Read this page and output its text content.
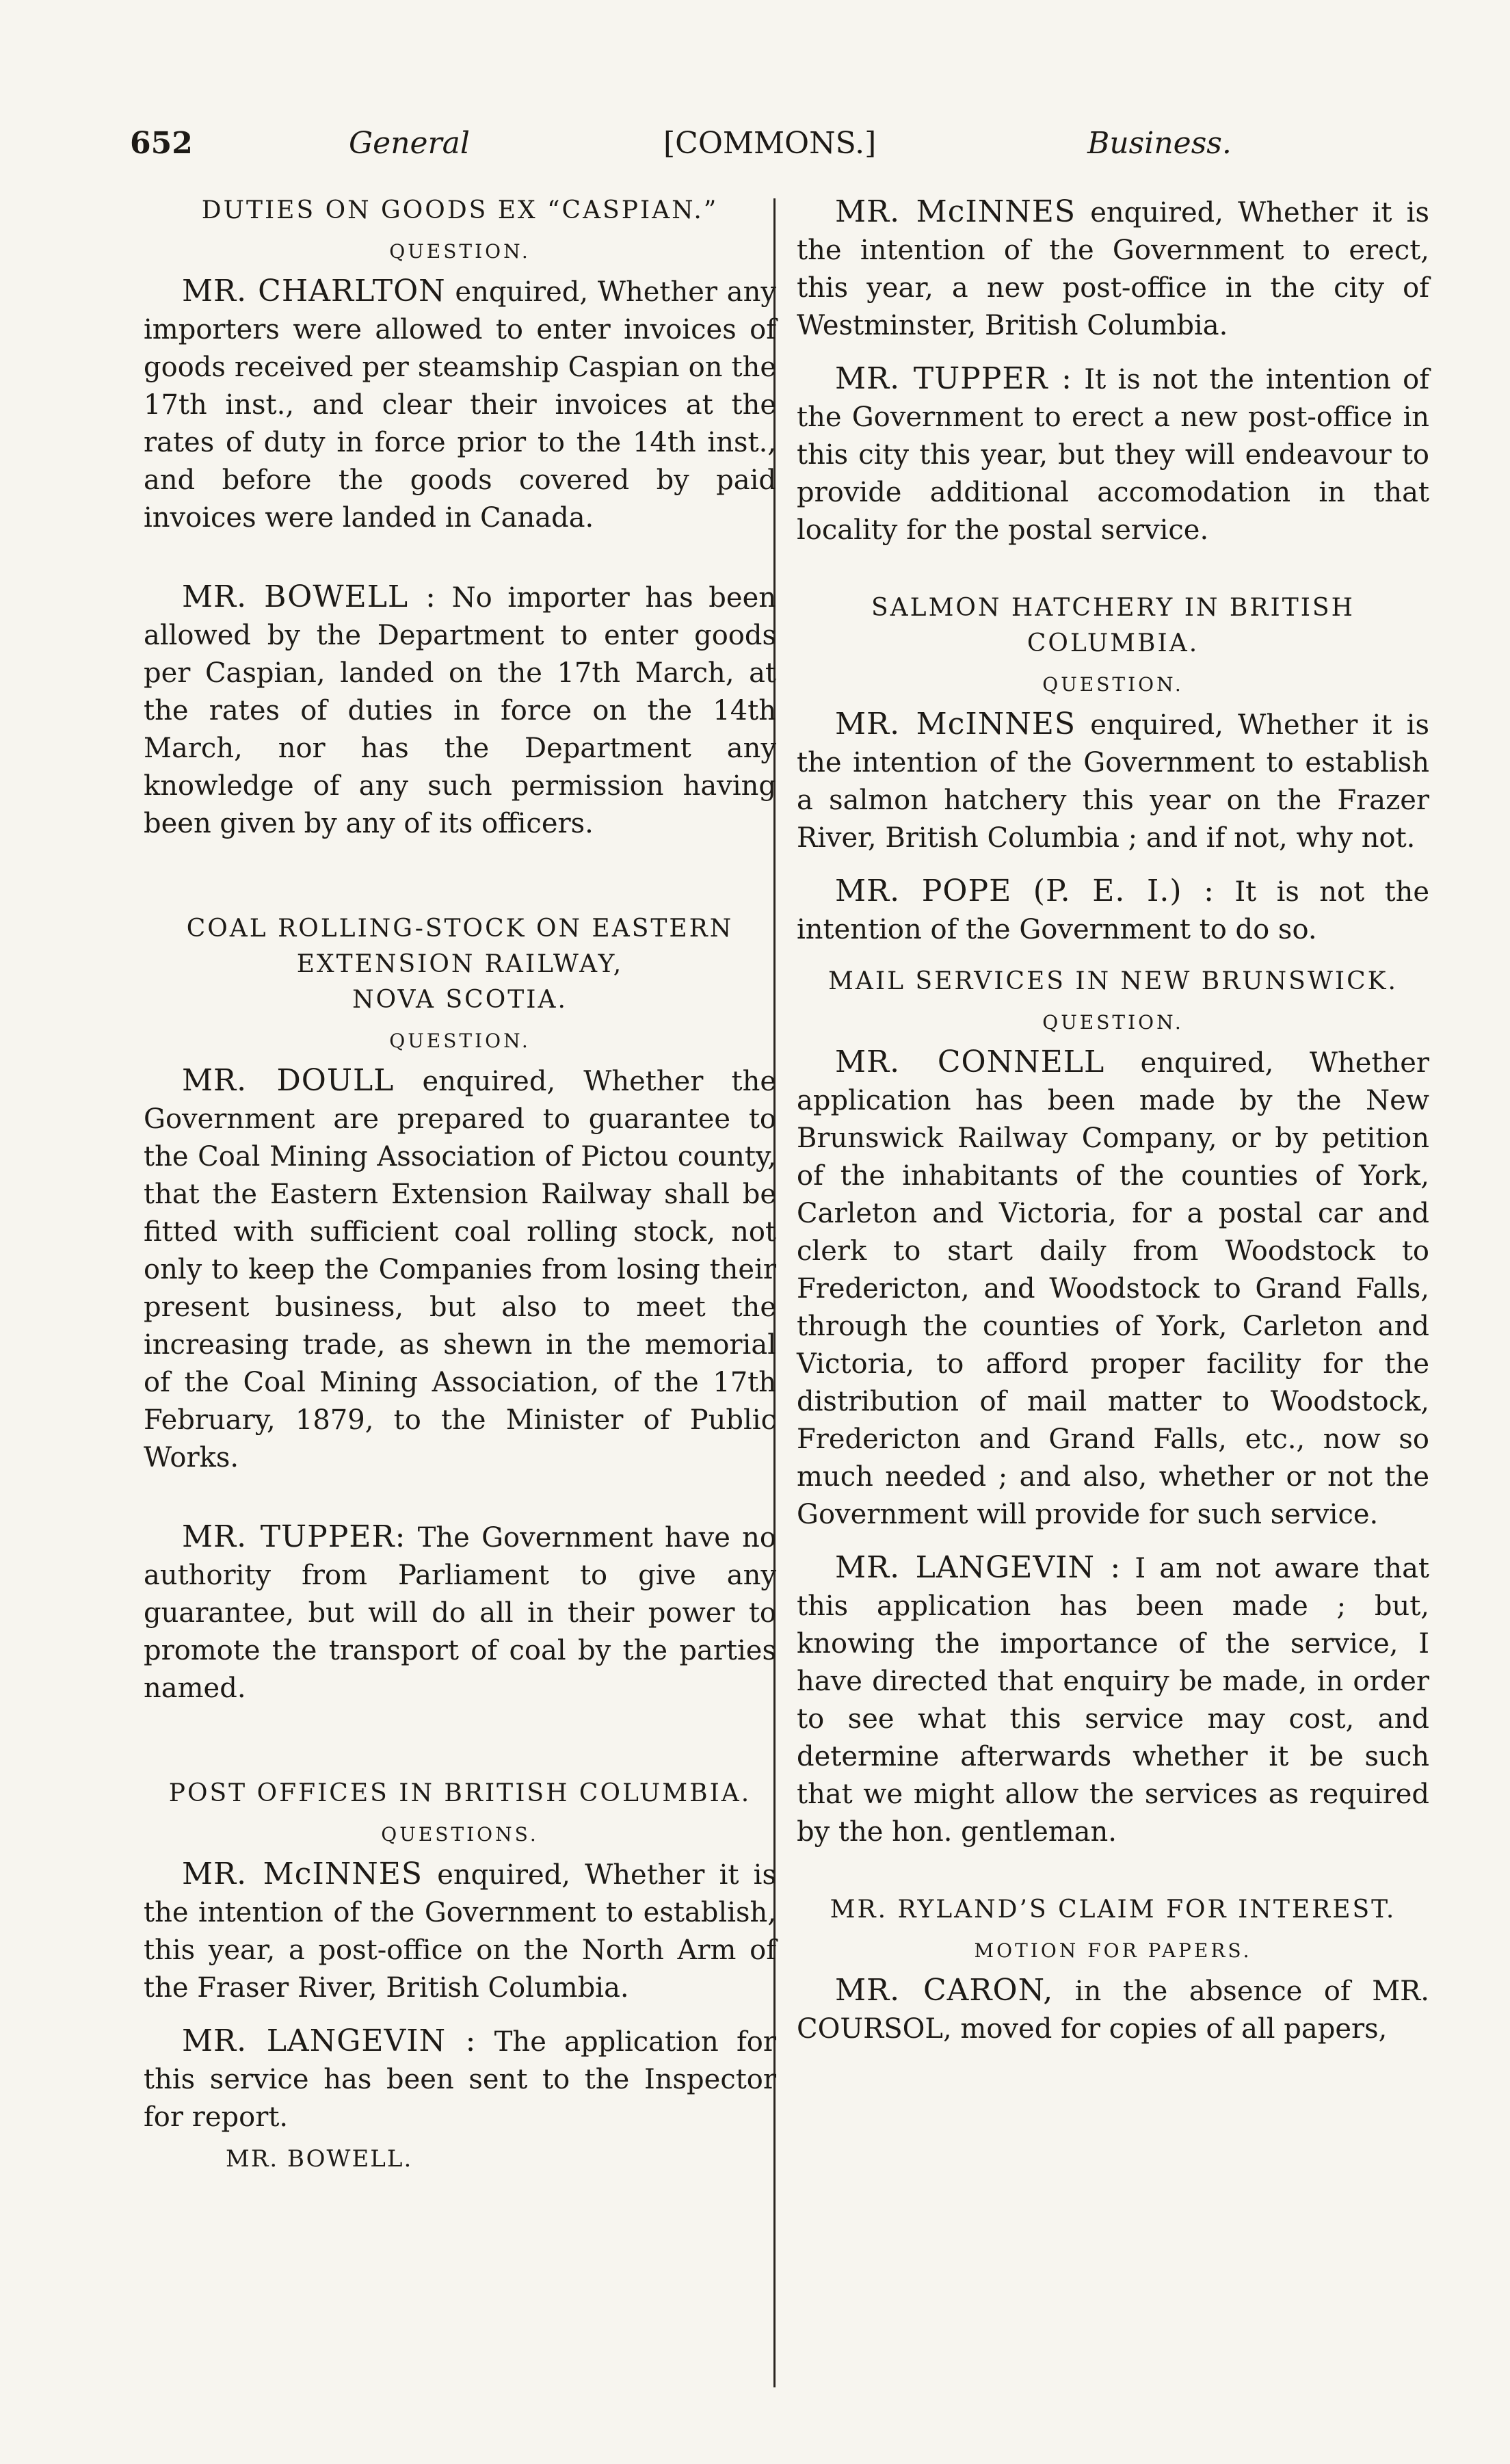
652	General	[COMMONS.]	Business.

DUTIES ON GOODS EX “CASPIAN.”

QUESTION.

MR. CHARLTON enquired, Whether any importers were allowed to enter invoices of goods received per steamship Caspian on the 17th inst., and clear their invoices at the rates of duty in force prior to the 14th inst., and before the goods covered by paid invoices were landed in Canada.

MR. BOWELL : No importer has been allowed by the Department to enter goods per Caspian, landed on the 17th March, at the rates of duties in force on the 14th March, nor has the Department any knowledge of any such permission having been given by any of its officers.

COAL ROLLING-STOCK ON EASTERN

EXTENSION RAILWAY,

NOVA SCOTIA.

QUESTION.

MR. DOULL enquired, Whether the Government are prepared to guarantee to the Coal Mining Association of Pictou county, that the Eastern Extension Railway shall be fitted with sufficient coal rolling stock, not only to keep the Companies from losing their present business, but also to meet the increasing trade, as shewn in the memorial of the Coal Mining Association, of the 17th February, 1879, to the Minister of Public Works.

MR. TUPPER: The Government have no authority from Parliament to give any guarantee, but will do all in their power to promote the transport of coal by the parties named.

POST OFFICES IN BRITISH COLUMBIA.

QUESTIONS.

MR. McINNES enquired, Whether it is the intention of the Government to establish, this year, a post-office on the North Arm of the Fraser River, British Columbia.

MR. LANGEVIN : The application for this service has been sent to the Inspector for report.

MR. BOWELL.

MR. McINNES enquired, Whether it is the intention of the Government to erect, this year, a new post-office in the city of Westminster, British Columbia.

MR. TUPPER : It is not the intention of the Government to erect a new post-office in this city this year, but they will endeavour to provide additional accomodation in that locality for the postal service.

SALMON HATCHERY IN BRITISH

COLUMBIA.

QUESTION.

MR. McINNES enquired, Whether it is the intention of the Government to establish a salmon hatchery this year on the Frazer River, British Columbia ; and if not, why not.

MR. POPE (P. E. I.) : It is not the intention of the Government to do so.

MAIL SERVICES IN NEW BRUNSWICK.

QUESTION.

MR. CONNELL enquired, Whether application has been made by the New Brunswick Railway Company, or by petition of the inhabitants of the counties of York, Carleton and Victoria, for a postal car and clerk to start daily from Woodstock to Fredericton, and Woodstock to Grand Falls, through the counties of York, Carleton and Victoria, to afford proper facility for the distribution of mail matter to Woodstock, Fredericton and Grand Falls, etc., now so much needed ; and also, whether or not the Government will provide for such service.

MR. LANGEVIN : I am not aware that this application has been made ; but, knowing the importance of the service, I have directed that enquiry be made, in order to see what this service may cost, and determine afterwards whether it be such that we might allow the services as required by the hon. gentleman.

MR. RYLAND’S CLAIM FOR INTEREST.

MOTION FOR PAPERS.

MR. CARON, in the absence of MR. COURSOL, moved for copies of all papers,
